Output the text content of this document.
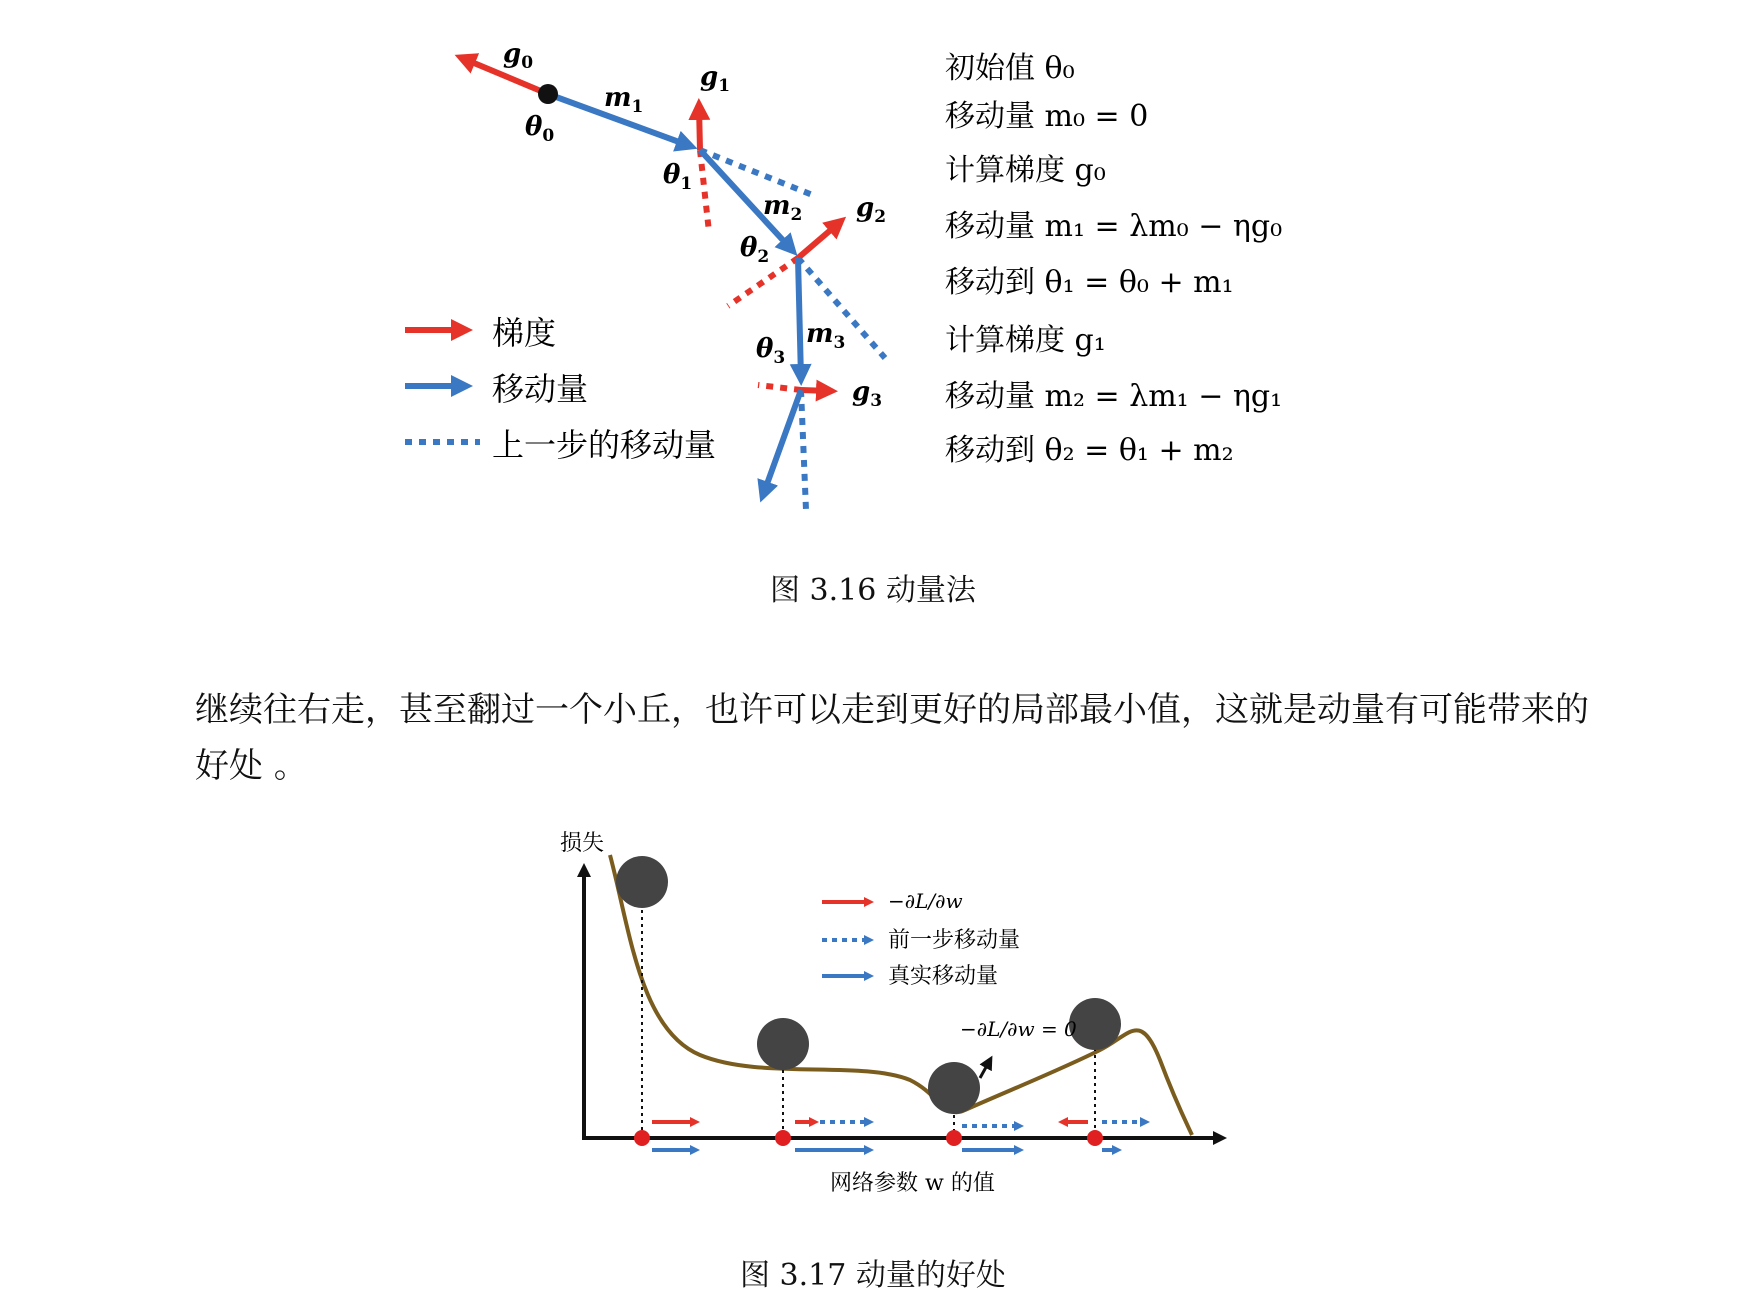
$g_0$
$\theta_0$
$m_1$
$g_1$
$\theta_1$
$m_2$ $g_2$
$\theta_2$
$m_3$
$\theta_3$
$g_3$
梯度
移动量
上一步的移动量
初始值 θ₀
移动量 m₀ = 0
计算梯度 g₀
移动量 m₁ = λm₀ − ηg₀
移动到 θ₁ = θ₀ + m₁
计算梯度 g₁
移动量 m₂ = λm₁ − ηg₁
移动到 θ₂ = θ₁ + m₂
图 3.16 动量法
损失
网络参数 w 的值
−∂L/∂w
前一步移动量
真实移动量
−∂L/∂w = 0
图 3.17 动量的好处
继续往右走，甚至翻过一个小丘，也许可以走到更好的局部最小值，这就是动量有可能带来的好处 。
